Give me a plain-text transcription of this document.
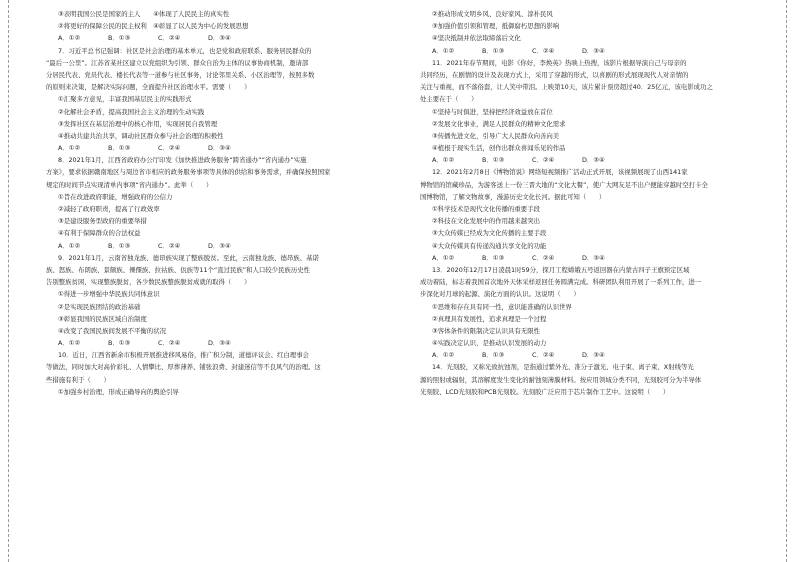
③表明我国公民是国家的主人　　④体现了人民民主的真实性
②将更好的保障公民的民主权利　④彰显了以人民为中心的发展思想
A．①②	B．①③	C．②④	D．③④
7．习近平总书记强调：社区是社会治理的基本单元，也是党和政府联系、服务居民群众的
“最后一公里”。江苏省某社区建立以党组织为引领、群众自治为主体的议事协商机制，邀请部
分居民代表、党员代表、楼长代表等一道参与社区事务，讨论邻里关系、小区治理等，按照多数
的原则来决策，是解决实际问题，全面提升社区治理水平。需要（　　）
①汇聚多方意见，丰富我国基层民主的实践形式
②化解社会矛盾，提高我国社会主义治理的生动实践
③发挥社区在基层治理中的核心作用，实现居民自我管理
④推动共建共治共享，调动社区群众参与社会治理的积极性
A．①②	B．①③	C．②④	D．③④
8．2021年1月，江西省政府办公厅印发《加快推进政务服务“跨省通办”“省内通办”实施
方案》，要求依据赣南地区与周边省市相应的政务服务事项等具体的供给和事务需求，并确保按照国家
规定的时间节点实现清单内事项“省内通办”。此举（　　）
①旨在改进政府职能，增强政府的公信力
②减轻了政府职责，提高了行政效率
③是建设服务型政府的重要举措
④有利于保障群众的合法权益
A．①②	B．①③	C．②④	D．③④
9．2021年1月，云南省独龙族、德昂族实现了整族脱贫。至此，云南独龙族、德昂族、基诺
族、怒族、布朗族、景颇族、傈僳族、拉祜族、佤族等11个“直过民族”和人口较少民族历史性
告别整族贫困，实现整族脱贫，各少数民族整族脱贫成就的取得（　　）
①得进一步增强中华民族共同体意识
②是实现民族团结的政治基础
③彰显我国的民族区域自治制度
④改变了我国民族间发展不平衡的状况
A．①②	B．①③	C．②④	D．③④
10．近日，江西省新余市积极开展推进移风易俗，推广积分制，道德评议会、红白理事会
等做法，同时加大对高价彩礼、人情攀比、厚葬薄养、铺张浪费、封建迷信等不良风气的治理。这
些措施有利于（　　）
①加强乡村治理，形成正确导向的舆论引导
②推动形成文明乡风、良好家风、淳朴民风
③加强价值引领和管理，抵御腐朽思想的影响
④坚决抵制并依法取缔落后文化
A．①②	B．①③	C．②④	D．③④
11．2021年春节期间，电影《你好，李焕英》热映上热搜，该影片根据导演自己与母亲的
共同经历，在剧情的设计及表现方式上，采用了穿越的形式，以喜剧的形式展现现代人对亲情的
关注与重视，而不落俗套，让人笑中带泪。上映第10天，该片累计票房超过40．25亿元，该电影成功之
处主要在于（　　）
①坚持与时俱进，坚持把经济效益放在首位
②发展文化事业，满足人民群众的精神文化需求
③传播先进文化，引导广大人民群众向善向美
④植根于现实生活，创作出群众喜闻乐见的作品
A．①②	B．①③	C．②④	D．③④
12．2021年2月8日《博物馆说》网络短视频推广活动正式开展，该视频展现了山西141家
博物馆的馆藏珍品，为游客送上一份三晋大地的“文化大餐”，使广大网友足不出户便能穿越时空打卡全
国博物馆，了解文物故事，漫游历史文化长河。据此可知（　　）
①科学技术是现代文化传播的重要手段
②科技在文化发展中的作用越来越突出
③大众传媒已经成为文化传播的主要手段
④大众传媒具有传递沟通共享文化的功能
A．①②	B．①③	C．②④	D．③④
13．2020年12月17日凌晨1时59分，探月工程嫦娥五号返回器在内蒙古四子王旗预定区域
成功着陆，标志着我国首次地外天体采样返回任务圆满完成。科研团队利用开展了一系列工作，进一
步深化对月球的起源、演化方面的认识。这说明（　　）
①思维和存在具有同一性，意识能准确的认识世界
②真理具有发展性，追求真理是一个过程
③客体条件的限制决定认识具有无限性
④实践决定认识，是推动认识发展的动力
A．①②	B．①③	C．②④	D．③④
14．光刻胶，又称光致抗蚀剂，是指通过紫外光、准分子激光、电子束、离子束、X射线等光
源的照射或辐射，其溶解度发生变化的耐蚀刻薄膜材料。按应用领域分类不同，光刻胶可分为半导体
光刻胶、LCD光刻胶和PCB光刻胶。光刻胶广泛应用于芯片制作工艺中。这说明（　　）
